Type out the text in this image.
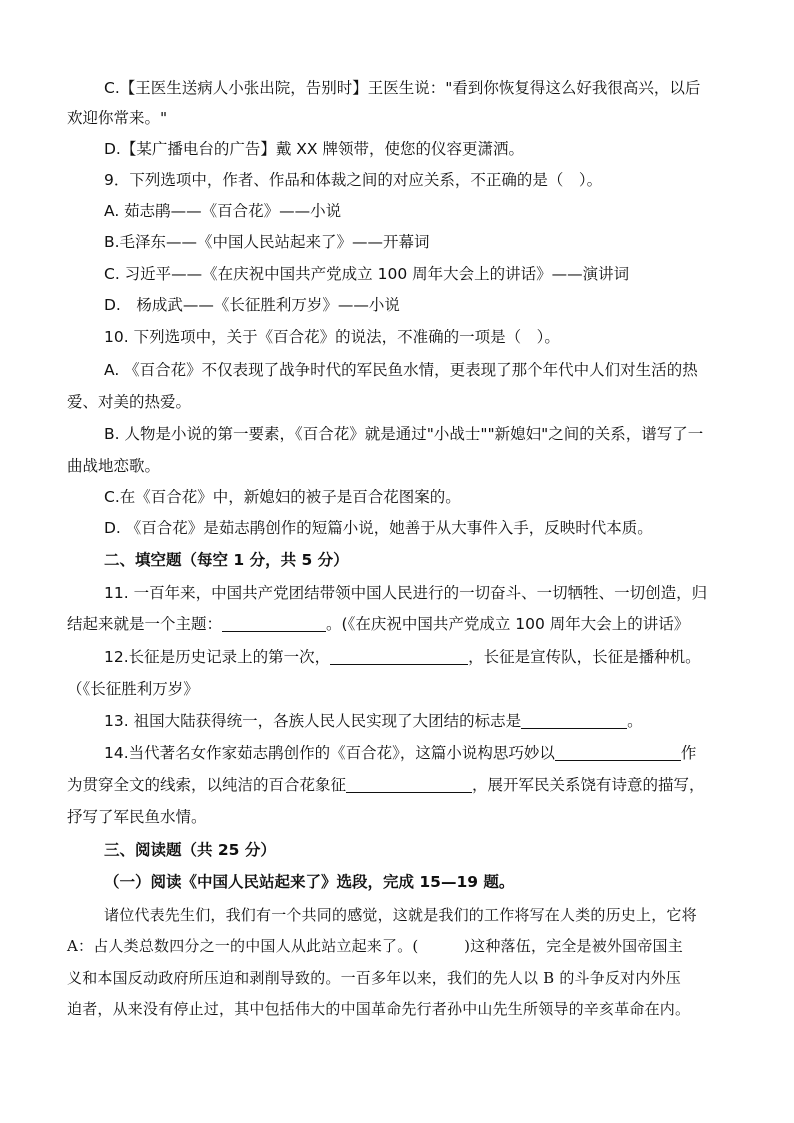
C.【王医生送病人小张出院，告别时】王医生说："看到你恢复得这么好我很高兴，以后
欢迎你常来。"
D.【某广播电台的广告】戴 XX 牌领带，使您的仪容更潇洒。
9．下列选项中，作者、作品和体裁之间的对应关系，不正确的是（　）。
A. 茹志鹃——《百合花》——小说
B.毛泽东——《中国人民站起来了》——开幕词
C. 习近平——《在庆祝中国共产党成立 100 周年大会上的讲话》——演讲词
D.　杨成武——《长征胜利万岁》——小说
10. 下列选项中，关于《百合花》的说法，不准确的一项是（　）。
A. 《百合花》不仅表现了战争时代的军民鱼水情，更表现了那个年代中人们对生活的热
爱、对美的热爱。
B. 人物是小说的第一要素，《百合花》就是通过"小战士""新媳妇"之间的关系，谱写了一
曲战地恋歌。
C.在《百合花》中，新媳妇的被子是百合花图案的。
D. 《百合花》是茹志鹃创作的短篇小说，她善于从大事件入手，反映时代本质。
二、填空题（每空 1 分，共 5 分）
11. 一百年来，中国共产党团结带领中国人民进行的一切奋斗、一切牺牲、一切创造，归
结起来就是一个主题：	。(《在庆祝中国共产党成立 100 周年大会上的讲话》
12.长征是历史记录上的第一次，	，长征是宣传队，长征是播种机。
（《长征胜利万岁》
13. 祖国大陆获得统一，各族人民人民实现了大团结的标志是	。
14.当代著名女作家茹志鹃创作的《百合花》，这篇小说构思巧妙以	作
为贯穿全文的线索，以纯洁的百合花象征	，展开军民关系饶有诗意的描写，
抒写了军民鱼水情。
三、阅读题（共 25 分）
（一）阅读《中国人民站起来了》选段，完成 15—19 题。
诸位代表先生们，我们有一个共同的感觉，这就是我们的工作将写在人类的历史上，它将
A：占人类总数四分之一的中国人从此站立起来了。(　　　)这种落伍，完全是被外国帝国主
义和本国反动政府所压迫和剥削导致的。一百多年以来，我们的先人以 B 的斗争反对内外压
迫者，从来没有停止过，其中包括伟大的中国革命先行者孙中山先生所领导的辛亥革命在内。
